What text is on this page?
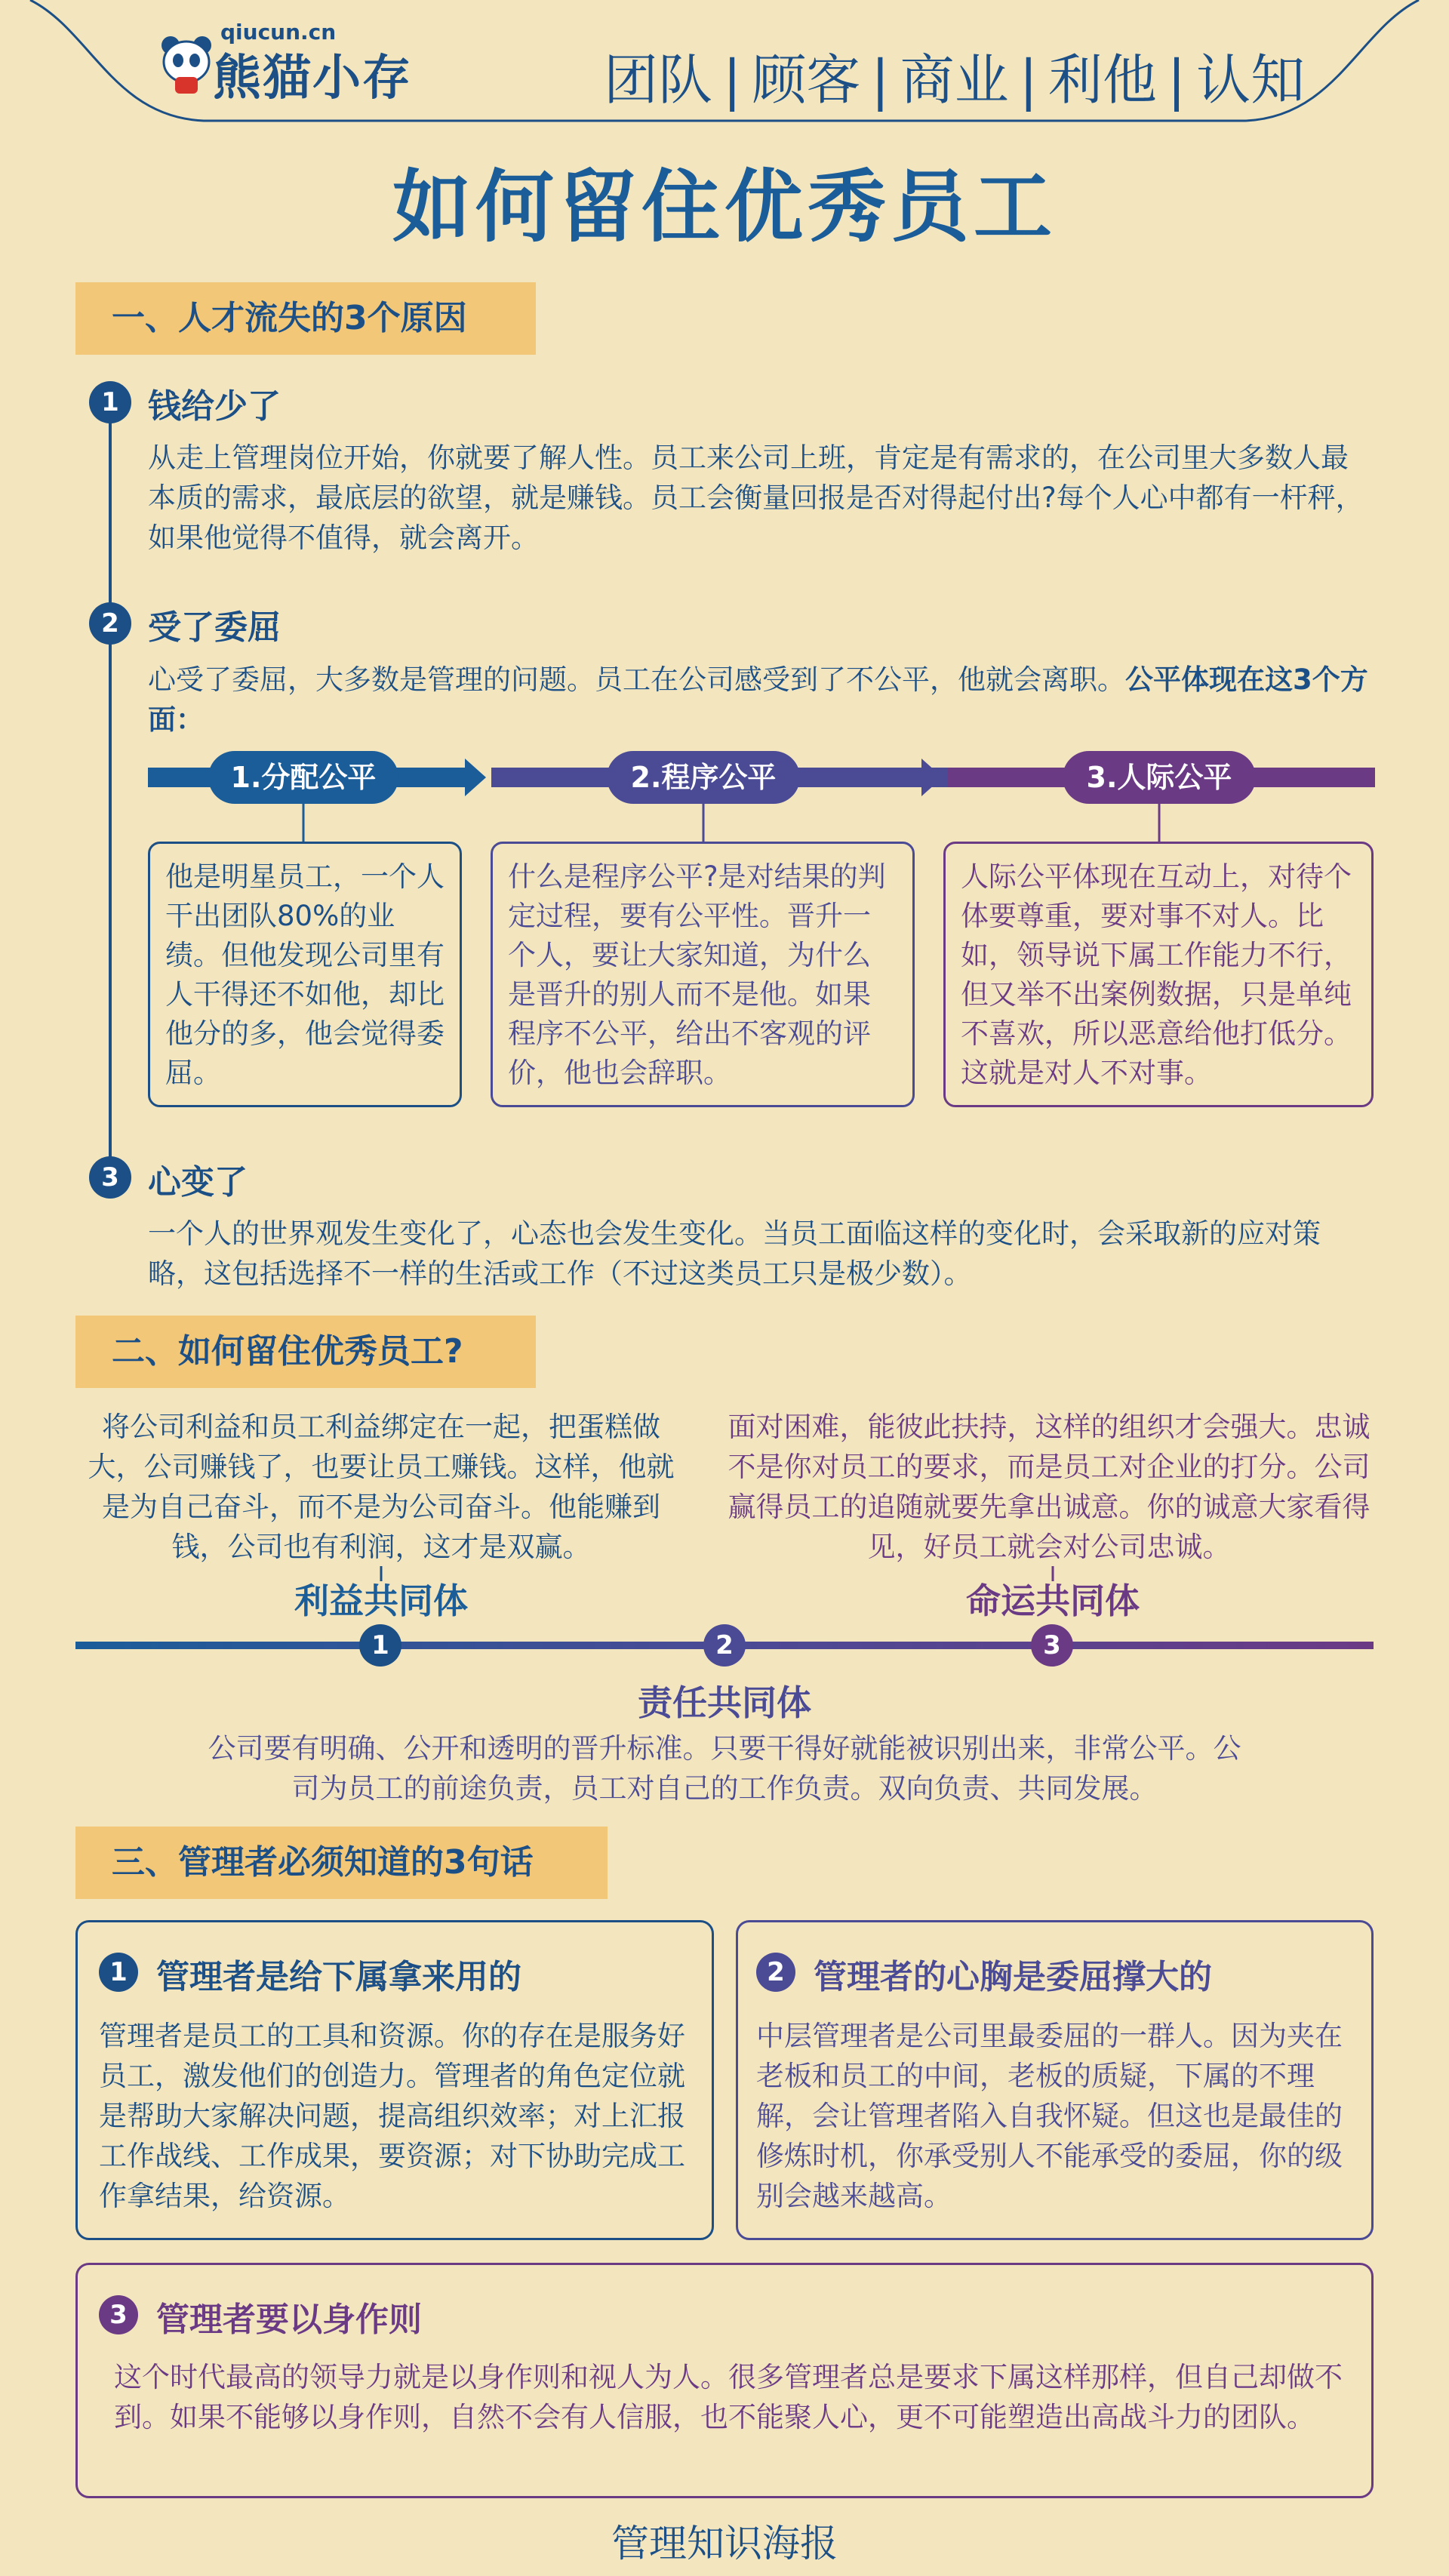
qiucun.cn
熊猫小存	团队 | 顾客 | 商业 | 利他 | 认知
如何留住优秀员工
一、人才流失的3个原因
1 钱给少了
从走上管理岗位开始，你就要了解人性。员工来公司上班，肯定是有需求的，在公司里大多数人最本质的需求，最底层的欲望，就是赚钱。员工会衡量回报是否对得起付出?每个人心中都有一杆秤，如果他觉得不值得，就会离开。
2 受了委屈
心受了委屈，大多数是管理的问题。员工在公司感受到了不公平，他就会离职。公平体现在这3个方面：
1.分配公平	2.程序公平	3.人际公平
他是明星员工，一个人干出团队80%的业绩。但他发现公司里有人干得还不如他，却比他分的多，他会觉得委屈。
什么是程序公平?是对结果的判定过程，要有公平性。晋升一个人，要让大家知道，为什么是晋升的别人而不是他。如果程序不公平，给出不客观的评价，他也会辞职。
人际公平体现在互动上，对待个体要尊重，要对事不对人。比如，领导说下属工作能力不行，但又举不出案例数据，只是单纯不喜欢，所以恶意给他打低分。这就是对人不对事。
3 心变了
一个人的世界观发生变化了，心态也会发生变化。当员工面临这样的变化时，会采取新的应对策略，这包括选择不一样的生活或工作（不过这类员工只是极少数）。
二、如何留住优秀员工?
将公司利益和员工利益绑定在一起，把蛋糕做大，公司赚钱了，也要让员工赚钱。这样，他就是为自己奋斗，而不是为公司奋斗。他能赚到钱，公司也有利润，这才是双赢。
面对困难，能彼此扶持，这样的组织才会强大。忠诚不是你对员工的要求，而是员工对企业的打分。公司赢得员工的追随就要先拿出诚意。你的诚意大家看得见，好员工就会对公司忠诚。
利益共同体	命运共同体
1	2	3
责任共同体
公司要有明确、公开和透明的晋升标准。只要干得好就能被识别出来，非常公平。公司为员工的前途负责，员工对自己的工作负责。双向负责、共同发展。
三、管理者必须知道的3句话
1 管理者是给下属拿来用的
管理者是员工的工具和资源。你的存在是服务好员工，激发他们的创造力。管理者的角色定位就是帮助大家解决问题，提高组织效率；对上汇报工作战线、工作成果，要资源；对下协助完成工作拿结果，给资源。
2 管理者的心胸是委屈撑大的
中层管理者是公司里最委屈的一群人。因为夹在老板和员工的中间，老板的质疑，下属的不理解，会让管理者陷入自我怀疑。但这也是最佳的修炼时机，你承受别人不能承受的委屈，你的级别会越来越高。
3 管理者要以身作则
这个时代最高的领导力就是以身作则和视人为人。很多管理者总是要求下属这样那样，但自己却做不到。如果不能够以身作则，自然不会有人信服，也不能聚人心，更不可能塑造出高战斗力的团队。
管理知识海报
